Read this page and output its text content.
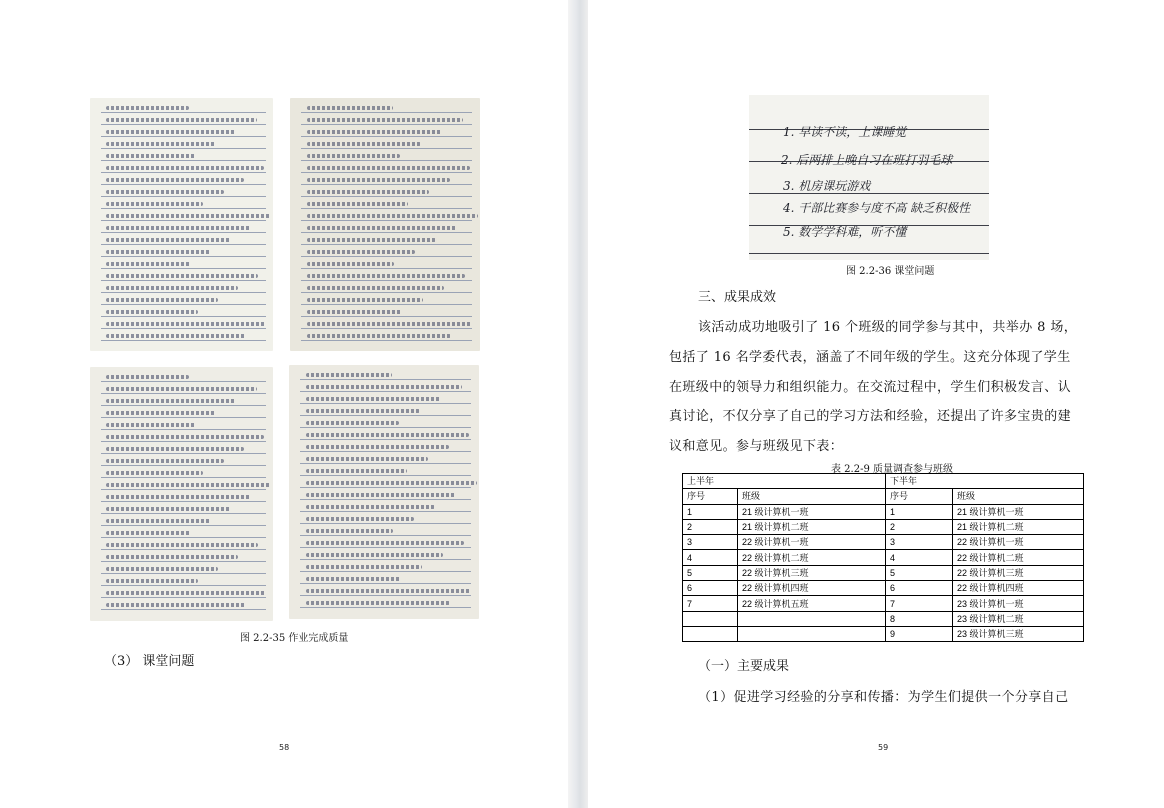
图 2.2-35 作业完成质量
（3） 课堂问题
58
1. 早读不读，上课睡觉
2. 后两排上晚自习在班打羽毛球
3. 机房课玩游戏
4. 干部比赛参与度不高 缺乏积极性
5. 数学学科难，听不懂
图 2.2-36 课堂问题
三、成果成效
该活动成功地吸引了 16 个班级的同学参与其中，共举办 8 场，
包括了 16 名学委代表，涵盖了不同年级的学生。这充分体现了学生
在班级中的领导力和组织能力。在交流过程中，学生们积极发言、认
真讨论，不仅分享了自己的学习方法和经验，还提出了许多宝贵的建
议和意见。参与班级见下表：
表 2.2-9 质量调查参与班级
上半年		下半年	
序号	班级	序号	班级
1	21 级计算机一班	1	21 级计算机一班
2	21 级计算机二班	2	21 级计算机二班
3	22 级计算机一班	3	22 级计算机一班
4	22 级计算机二班	4	22 级计算机二班
5	22 级计算机三班	5	22 级计算机三班
6	22 级计算机四班	6	22 级计算机四班
7	22 级计算机五班	7	23 级计算机一班
		8	23 级计算机二班
		9	23 级计算机三班
（一）主要成果
（1）促进学习经验的分享和传播：为学生们提供一个分享自己
59
